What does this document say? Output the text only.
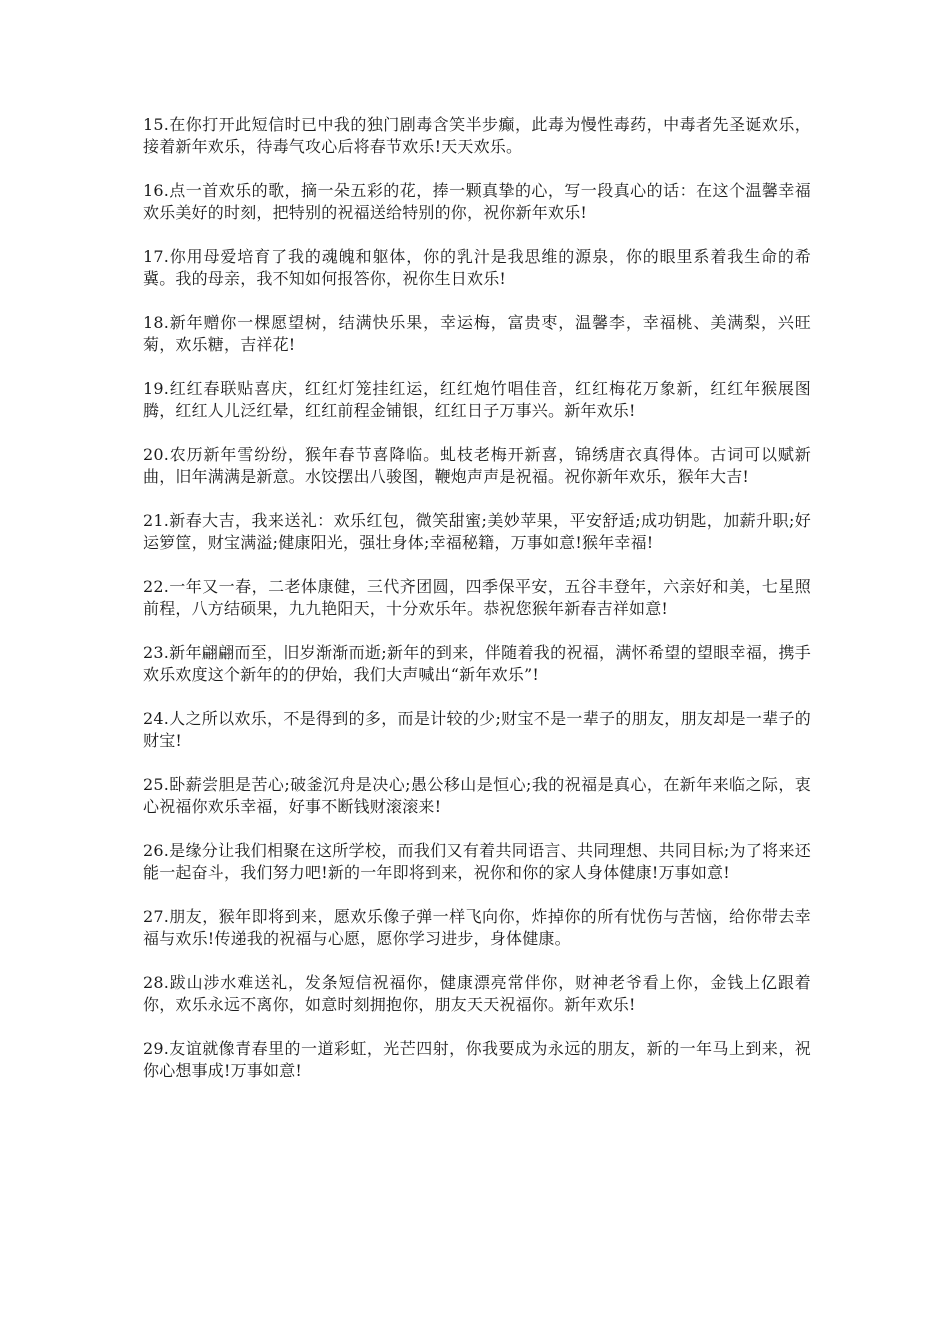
15.在你打开此短信时已中我的独门剧毒含笑半步癫，此毒为慢性毒药，中毒者先圣诞欢乐，接着新年欢乐，待毒气攻心后将春节欢乐!天天欢乐。

16.点一首欢乐的歌，摘一朵五彩的花，捧一颗真挚的心，写一段真心的话：在这个温馨幸福欢乐美好的时刻，把特别的祝福送给特别的你，祝你新年欢乐!

17.你用母爱培育了我的魂魄和躯体，你的乳汁是我思维的源泉，你的眼里系着我生命的希冀。我的母亲，我不知如何报答你，祝你生日欢乐!

18.新年赠你一棵愿望树，结满快乐果，幸运梅，富贵枣，温馨李，幸福桃、美满梨，兴旺菊，欢乐糖，吉祥花!

19.红红春联贴喜庆，红红灯笼挂红运，红红炮竹唱佳音，红红梅花万象新，红红年猴展图腾，红红人儿泛红晕，红红前程金铺银，红红日子万事兴。新年欢乐!

20.农历新年雪纷纷，猴年春节喜降临。虬枝老梅开新喜，锦绣唐衣真得体。古词可以赋新曲，旧年满满是新意。水饺摆出八骏图，鞭炮声声是祝福。祝你新年欢乐，猴年大吉!

21.新春大吉，我来送礼：欢乐红包，微笑甜蜜;美妙苹果，平安舒适;成功钥匙，加薪升职;好运箩筐，财宝满溢;健康阳光，强壮身体;幸福秘籍，万事如意!猴年幸福!

22.一年又一春，二老体康健，三代齐团圆，四季保平安，五谷丰登年，六亲好和美，七星照前程，八方结硕果，九九艳阳天，十分欢乐年。恭祝您猴年新春吉祥如意!

23.新年翩翩而至，旧岁渐渐而逝;新年的到来，伴随着我的祝福，满怀希望的望眼幸福，携手欢乐欢度这个新年的的伊始，我们大声喊出“新年欢乐”!

24.人之所以欢乐，不是得到的多，而是计较的少;财宝不是一辈子的朋友，朋友却是一辈子的财宝!

25.卧薪尝胆是苦心;破釜沉舟是决心;愚公移山是恒心;我的祝福是真心，在新年来临之际，衷心祝福你欢乐幸福，好事不断钱财滚滚来!

26.是缘分让我们相聚在这所学校，而我们又有着共同语言、共同理想、共同目标;为了将来还能一起奋斗，我们努力吧!新的一年即将到来，祝你和你的家人身体健康!万事如意!

27.朋友，猴年即将到来，愿欢乐像子弹一样飞向你，炸掉你的所有忧伤与苦恼，给你带去幸福与欢乐!传递我的祝福与心愿，愿你学习进步，身体健康。

28.跋山涉水难送礼，发条短信祝福你，健康漂亮常伴你，财神老爷看上你，金钱上亿跟着你，欢乐永远不离你，如意时刻拥抱你，朋友天天祝福你。新年欢乐!

29.友谊就像青春里的一道彩虹，光芒四射，你我要成为永远的朋友，新的一年马上到来，祝你心想事成!万事如意!
